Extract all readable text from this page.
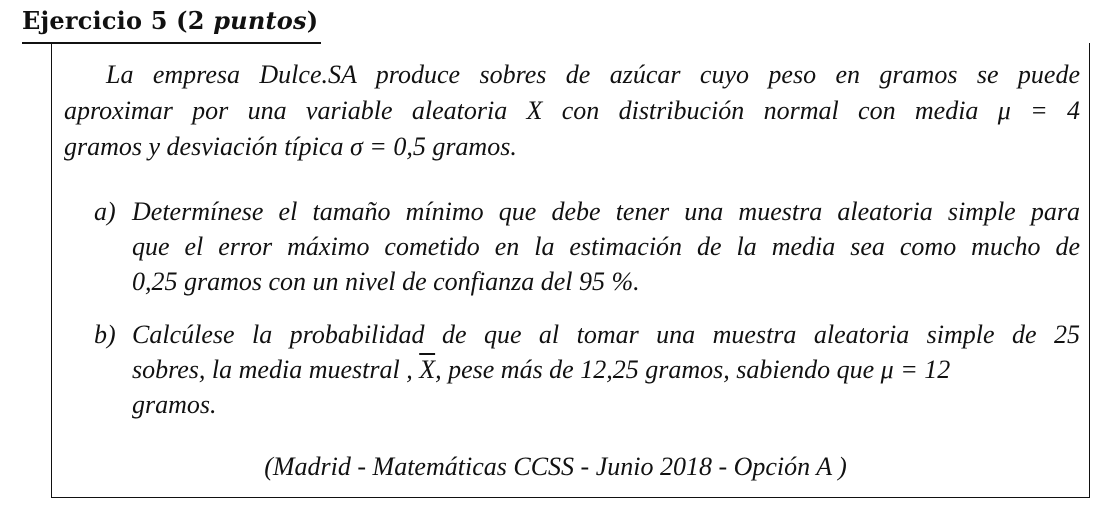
Ejercicio 5 (2 puntos)
La empresa Dulce.SA produce sobres de azúcar cuyo peso en gramos se puede
aproximar por una variable aleatoria X con distribución normal con media μ = 4
gramos y desviación típica σ = 0,5 gramos.
a) Determínese el tamaño mínimo que debe tener una muestra aleatoria simple para
que el error máximo cometido en la estimación de la media sea como mucho de
0,25 gramos con un nivel de confianza del 95 %.
b) Calcúlese la probabilidad de que al tomar una muestra aleatoria simple de 25
sobres, la media muestral , $\overline{X}$, pese más de 12,25 gramos, sabiendo que μ = 12
gramos.
(Madrid - Matemáticas CCSS - Junio 2018 - Opción A )
